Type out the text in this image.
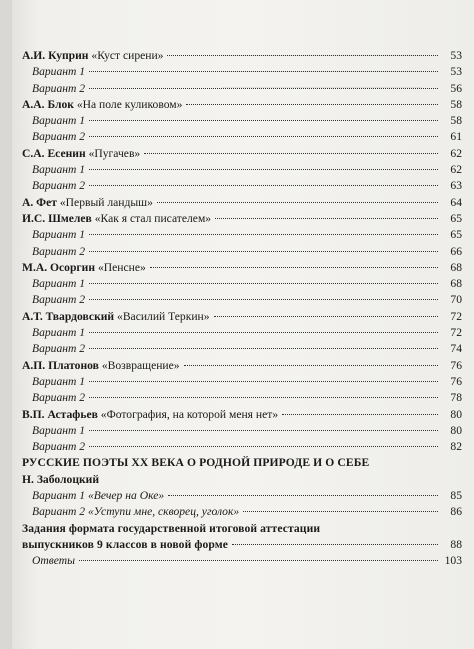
А.И. Куприн «Куст сирени»	53
Вариант 1	53
Вариант 2	56
А.А. Блок «На поле куликовом»	58
Вариант 1	58
Вариант 2	61
С.А. Есенин «Пугачев»	62
Вариант 1	62
Вариант 2	63
А. Фет «Первый ландыш»	64
И.С. Шмелев «Как я стал писателем»	65
Вариант 1	65
Вариант 2	66
М.А. Осоргин «Пенсне»	68
Вариант 1	68
Вариант 2	70
А.Т. Твардовский «Василий Теркин»	72
Вариант 1	72
Вариант 2	74
А.П. Платонов «Возвращение»	76
Вариант 1	76
Вариант 2	78
В.П. Астафьев «Фотография, на которой меня нет»	80
Вариант 1	80
Вариант 2	82
РУССКИЕ ПОЭТЫ XX ВЕКА О РОДНОЙ ПРИРОДЕ И О СЕБЕ
Н. Заболоцкий
Вариант 1 «Вечер на Оке»	85
Вариант 2 «Уступи мне, скворец, уголок»	86
Задания формата государственной итоговой аттестации
выпускников 9 классов в новой форме	88
Ответы	103
